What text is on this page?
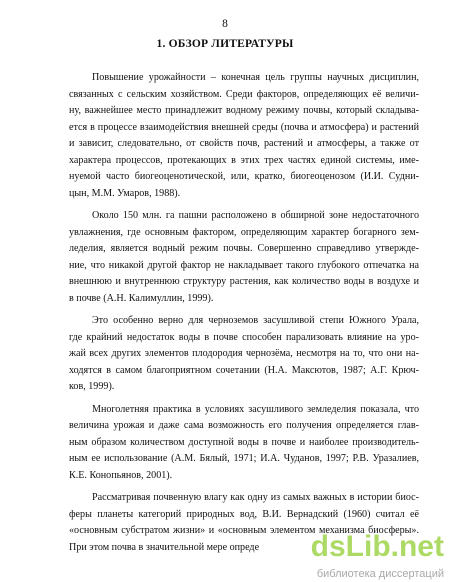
8
1. ОБЗОР ЛИТЕРАТУРЫ
Повышение урожайности – конечная цель группы научных дисциплин,
связанных с сельским хозяйством. Среди факторов, определяющих её величи-
ну, важнейшее место принадлежит водному режиму почвы, который складыва-
ется в процессе взаимодействия внешней среды (почва и атмосфера) и растений
и зависит, следовательно, от свойств почв, растений и атмосферы, а также от
характера процессов, протекающих в этих трех частях единой системы, име-
нуемой часто биогеоценотической, или, кратко, биогеоценозом (И.И. Судни-
цын, М.М. Умаров, 1988).
Около 150 млн. га пашни расположено в обширной зоне недостаточного
увлажнения, где основным фактором, определяющим характер богарного зем-
леделия, является водный режим почвы. Совершенно справедливо утвержде-
ние, что никакой другой фактор не накладывает такого глубокого отпечатка на
внешнюю и внутреннюю структуру растения, как количество воды в воздухе и
в почве (А.Н. Калимуллин, 1999).
Это особенно верно для черноземов засушливой степи Южного Урала,
где крайний недостаток воды в почве способен парализовать влияние на уро-
жай всех других элементов плодородия чернозёма, несмотря на то, что они на-
ходятся в самом благоприятном сочетании (Н.А. Максютов, 1987; А.Г. Крюч-
ков, 1999).
Многолетняя практика в условиях засушливого земледелия показала, что
величина урожая и даже сама возможность его получения определяется глав-
ным образом количеством доступной воды в почве и наиболее производитель-
ным ее использование (А.М. Бялый, 1971; И.А. Чуданов, 1997; Р.В. Уразалиев,
К.Е. Конопьянов, 2001).
Рассматривая почвенную влагу как одну из самых важных в истории биос-
феры планеты категорий природных вод, В.И. Вернадский (1960) считал её
«основным субстратом жизни» и «основным элементом механизма биосферы».
При этом почва в значительной мере опреде	dsLib.net
библиотека диссертаций
